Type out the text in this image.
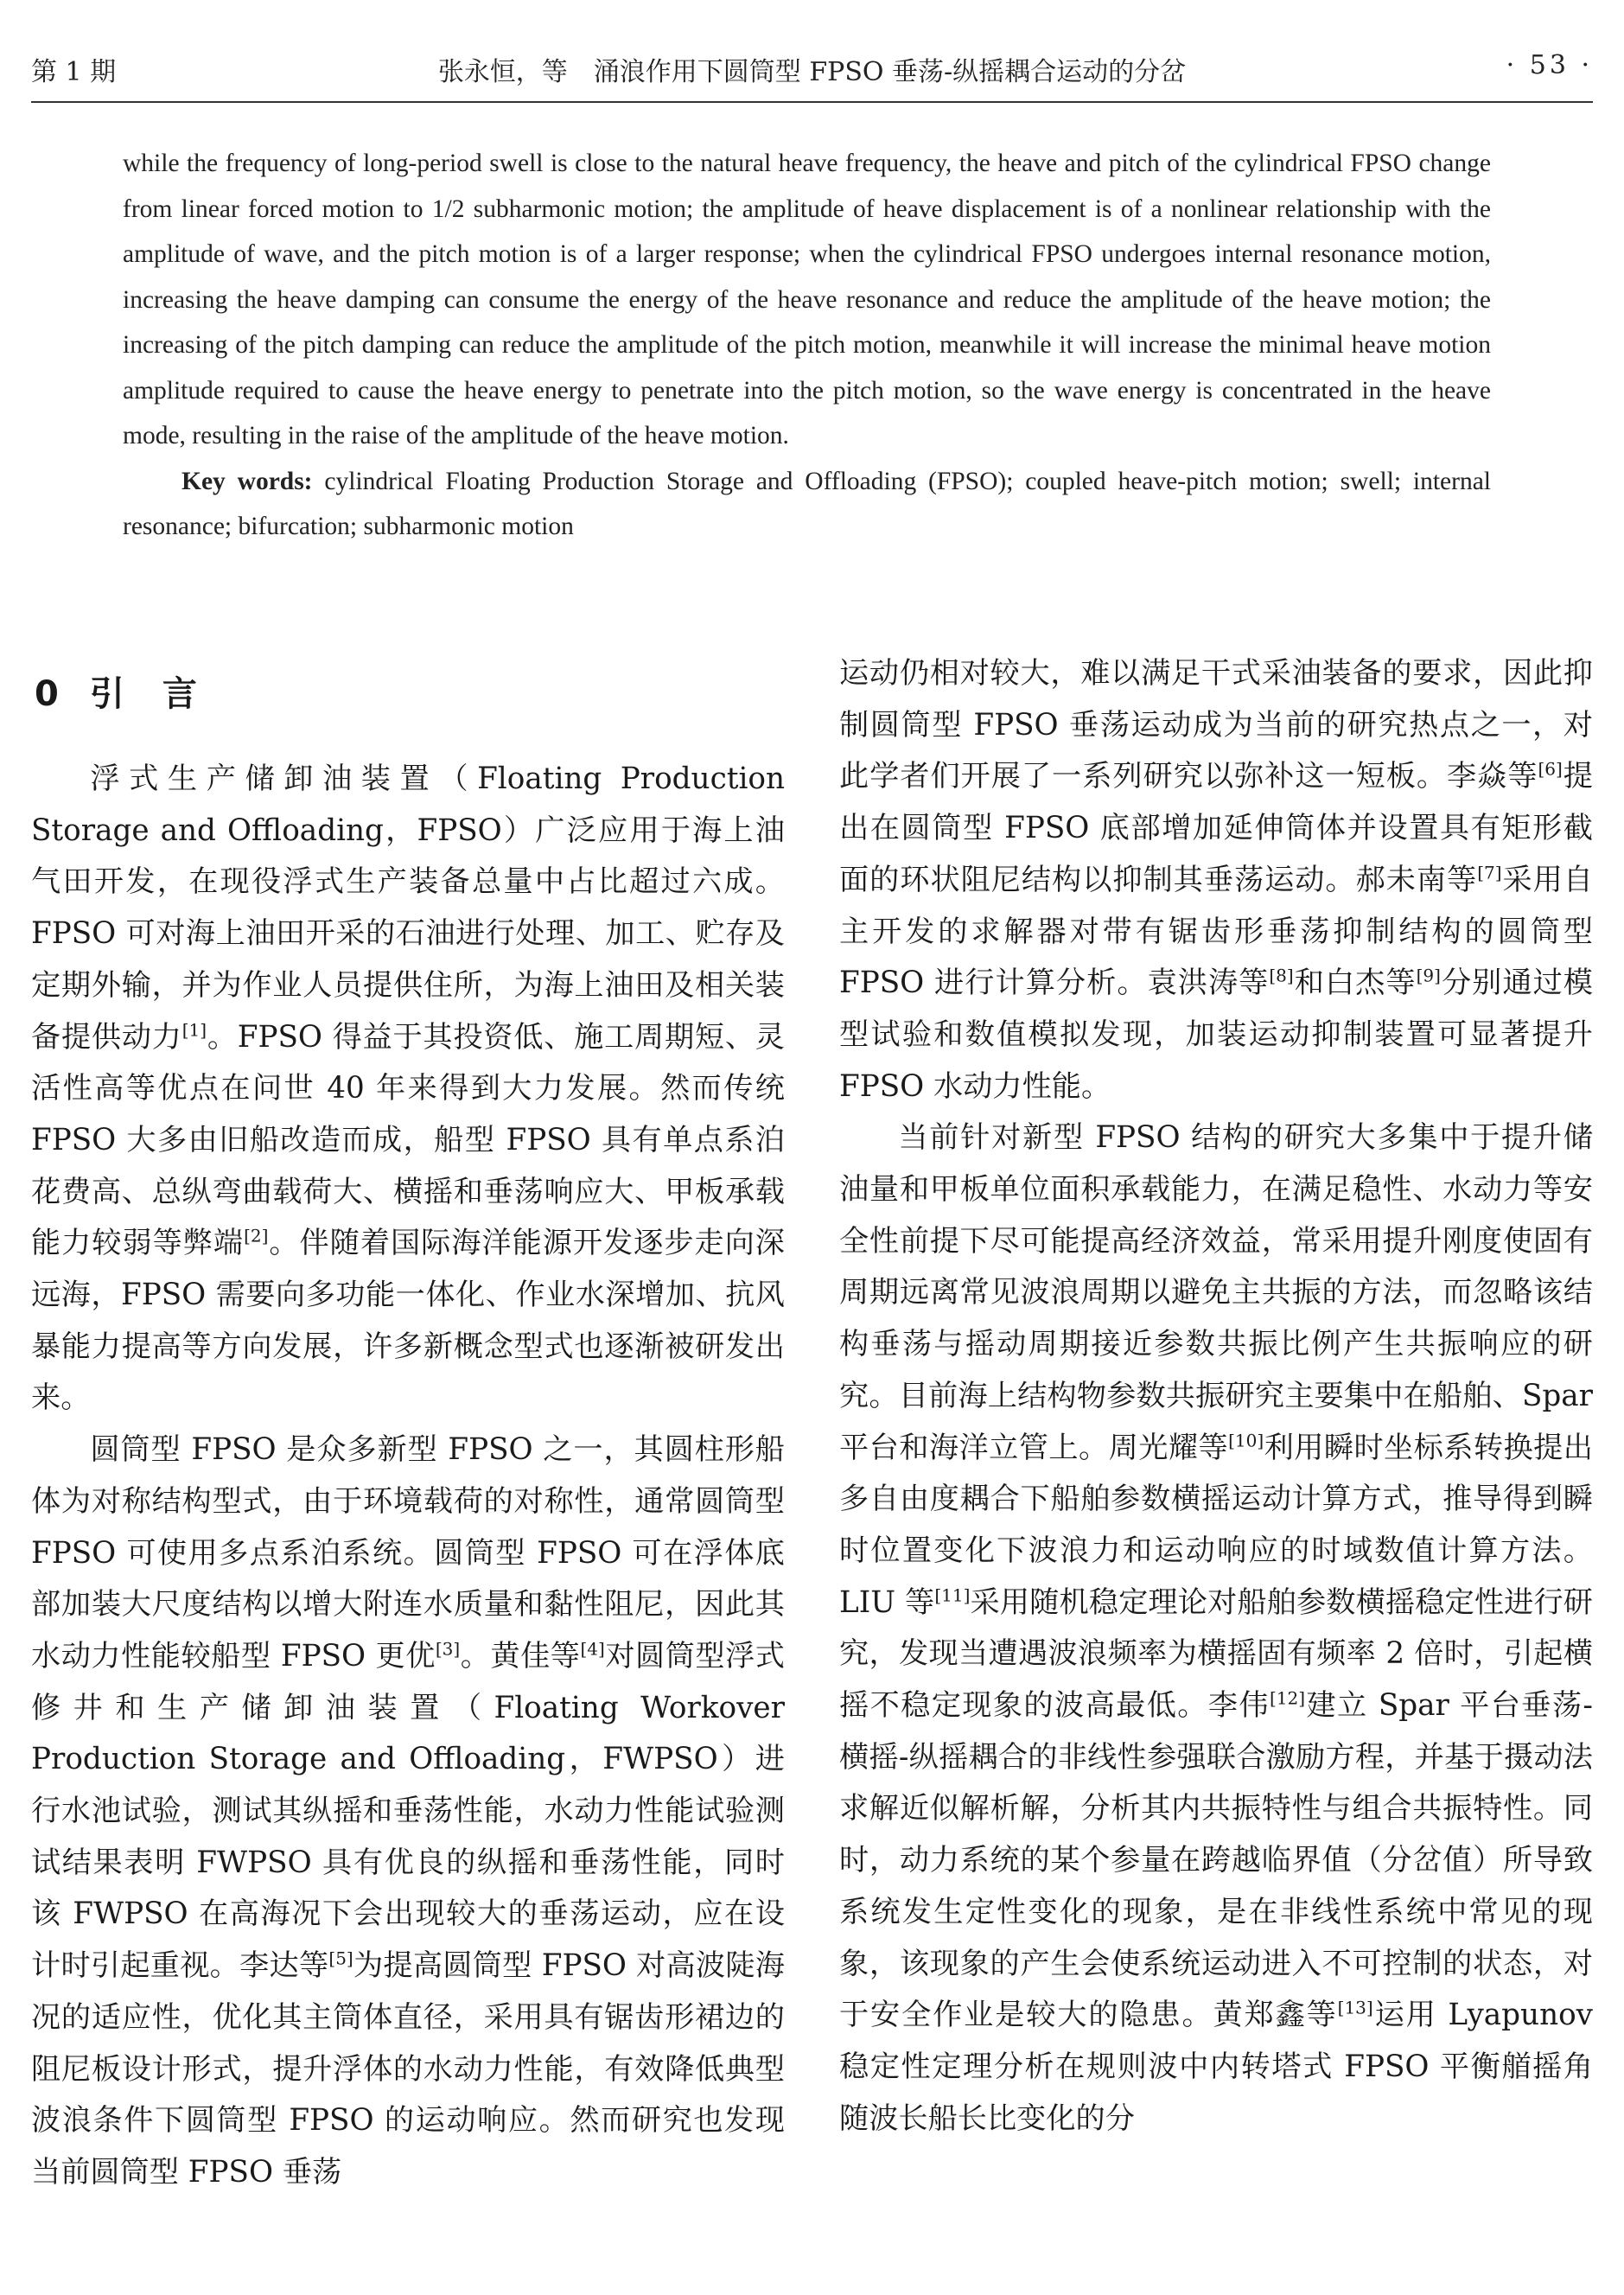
第 1 期	张永恒，等　涌浪作用下圆筒型 FPSO 垂荡-纵摇耦合运动的分岔	· 53 ·

while the frequency of long-period swell is close to the natural heave frequency, the heave and pitch of the cylindrical FPSO change from linear forced motion to 1/2 subharmonic motion; the amplitude of heave displacement is of a nonlinear relationship with the amplitude of wave, and the pitch motion is of a larger response; when the cylindrical FPSO undergoes internal resonance motion, increasing the heave damping can consume the energy of the heave resonance and reduce the amplitude of the heave motion; the increasing of the pitch damping can reduce the amplitude of the pitch motion, meanwhile it will increase the minimal heave motion amplitude required to cause the heave energy to penetrate into the pitch motion, so the wave energy is concentrated in the heave mode, resulting in the raise of the amplitude of the heave motion.

Key words: cylindrical Floating Production Storage and Offloading (FPSO); coupled heave-pitch motion; swell; internal resonance; bifurcation; subharmonic motion

0 引言

浮式生产储卸油装置（Floating Production Storage and Offloading，FPSO）广泛应用于海上油气田开发，在现役浮式生产装备总量中占比超过六成。FPSO 可对海上油田开采的石油进行处理、加工、贮存及定期外输，并为作业人员提供住所，为海上油田及相关装备提供动力[1]。FPSO 得益于其投资低、施工周期短、灵活性高等优点在问世 40 年来得到大力发展。然而传统 FPSO 大多由旧船改造而成，船型 FPSO 具有单点系泊花费高、总纵弯曲载荷大、横摇和垂荡响应大、甲板承载能力较弱等弊端[2]。伴随着国际海洋能源开发逐步走向深远海，FPSO 需要向多功能一体化、作业水深增加、抗风暴能力提高等方向发展，许多新概念型式也逐渐被研发出来。

圆筒型 FPSO 是众多新型 FPSO 之一，其圆柱形船体为对称结构型式，由于环境载荷的对称性，通常圆筒型 FPSO 可使用多点系泊系统。圆筒型 FPSO 可在浮体底部加装大尺度结构以增大附连水质量和黏性阻尼，因此其水动力性能较船型 FPSO 更优[3]。黄佳等[4]对圆筒型浮式修井和生产储卸油装置（Floating Workover Production Storage and Offloading，FWPSO）进行水池试验，测试其纵摇和垂荡性能，水动力性能试验测试结果表明 FWPSO 具有优良的纵摇和垂荡性能，同时该 FWPSO 在高海况下会出现较大的垂荡运动，应在设计时引起重视。李达等[5]为提高圆筒型 FPSO 对高波陡海况的适应性，优化其主筒体直径，采用具有锯齿形裙边的阻尼板设计形式，提升浮体的水动力性能，有效降低典型波浪条件下圆筒型 FPSO 的运动响应。然而研究也发现当前圆筒型 FPSO 垂荡

运动仍相对较大，难以满足干式采油装备的要求，因此抑制圆筒型 FPSO 垂荡运动成为当前的研究热点之一，对此学者们开展了一系列研究以弥补这一短板。李焱等[6]提出在圆筒型 FPSO 底部增加延伸筒体并设置具有矩形截面的环状阻尼结构以抑制其垂荡运动。郝未南等[7]采用自主开发的求解器对带有锯齿形垂荡抑制结构的圆筒型 FPSO 进行计算分析。袁洪涛等[8]和白杰等[9]分别通过模型试验和数值模拟发现，加装运动抑制装置可显著提升 FPSO 水动力性能。

当前针对新型 FPSO 结构的研究大多集中于提升储油量和甲板单位面积承载能力，在满足稳性、水动力等安全性前提下尽可能提高经济效益，常采用提升刚度使固有周期远离常见波浪周期以避免主共振的方法，而忽略该结构垂荡与摇动周期接近参数共振比例产生共振响应的研究。目前海上结构物参数共振研究主要集中在船舶、Spar 平台和海洋立管上。周光耀等[10]利用瞬时坐标系转换提出多自由度耦合下船舶参数横摇运动计算方式，推导得到瞬时位置变化下波浪力和运动响应的时域数值计算方法。LIU 等[11]采用随机稳定理论对船舶参数横摇稳定性进行研究，发现当遭遇波浪频率为横摇固有频率 2 倍时，引起横摇不稳定现象的波高最低。李伟[12]建立 Spar 平台垂荡-横摇-纵摇耦合的非线性参强联合激励方程，并基于摄动法求解近似解析解，分析其内共振特性与组合共振特性。同时，动力系统的某个参量在跨越临界值（分岔值）所导致系统发生定性变化的现象，是在非线性系统中常见的现象，该现象的产生会使系统运动进入不可控制的状态，对于安全作业是较大的隐患。黄郑鑫等[13]运用 Lyapunov 稳定性定理分析在规则波中内转塔式 FPSO 平衡艏摇角随波长船长比变化的分
